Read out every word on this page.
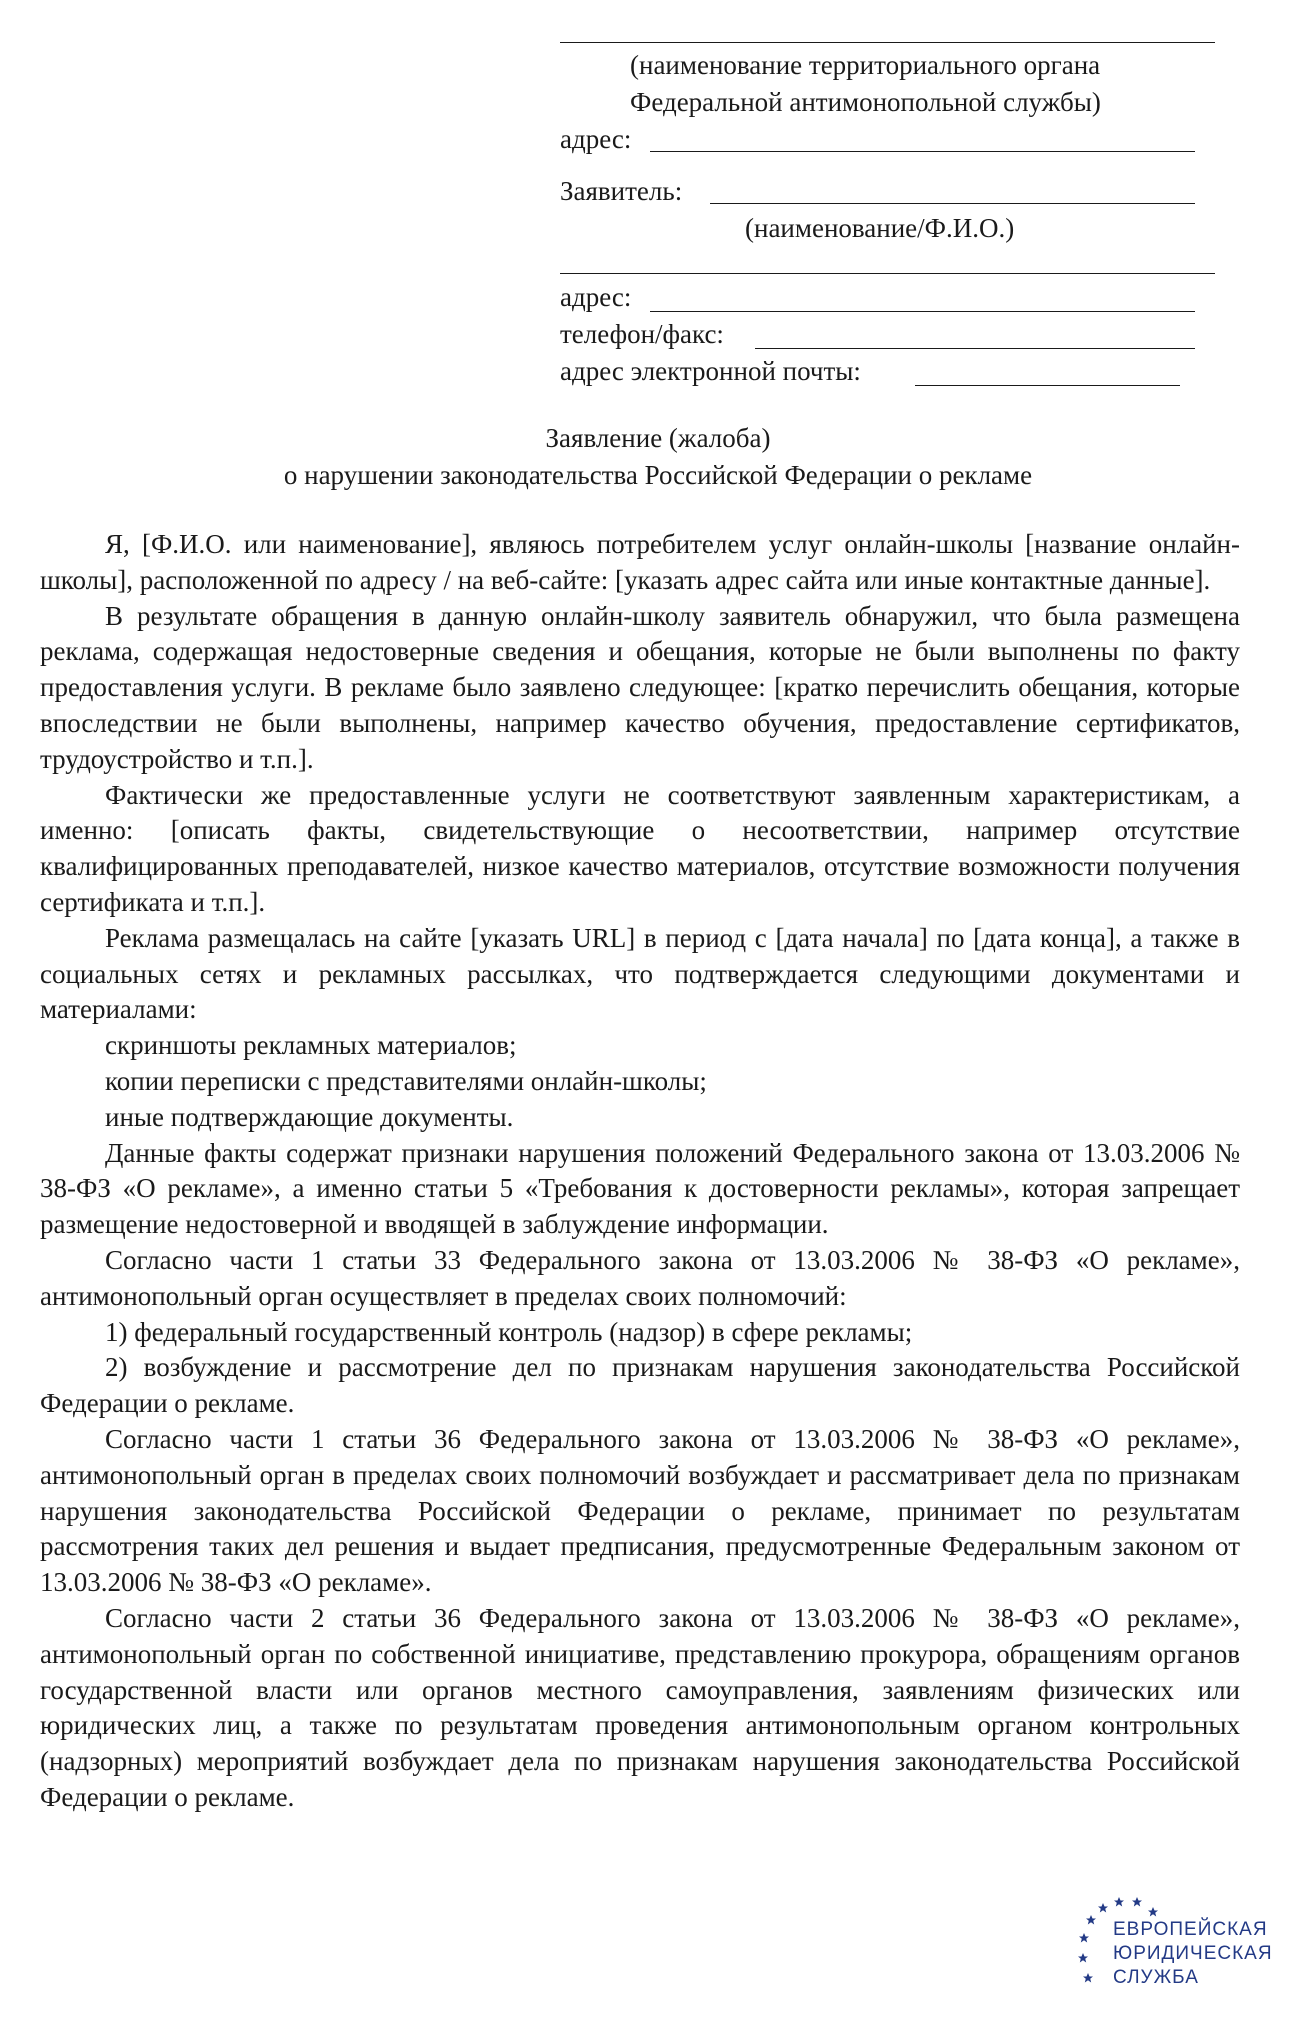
(наименование территориального органа
Федеральной антимонопольной службы)
адрес:
Заявитель:
(наименование/Ф.И.О.)
адрес:
телефон/факс:
адрес электронной почты:
Заявление (жалоба)
о нарушении законодательства Российской Федерации о рекламе

Я, [Ф.И.О. или наименование], являюсь потребителем услуг онлайн-школы [название онлайн-школы], расположенной по адресу / на веб-сайте: [указать адрес сайта или иные контактные данные].

В результате обращения в данную онлайн-школу заявитель обнаружил, что была размещена реклама, содержащая недостоверные сведения и обещания, которые не были выполнены по факту предоставления услуги. В рекламе было заявлено следующее: [кратко перечислить обещания, которые впоследствии не были выполнены, например качество обучения, предоставление сертификатов, трудоустройство и т.п.].

Фактически же предоставленные услуги не соответствуют заявленным характеристикам, а именно: [описать факты, свидетельствующие о несоответствии, например отсутствие квалифицированных преподавателей, низкое качество материалов, отсутствие возможности получения сертификата и т.п.].

Реклама размещалась на сайте [указать URL] в период с [дата начала] по [дата конца], а также в социальных сетях и рекламных рассылках, что подтверждается следующими документами и материалами:

скриншоты рекламных материалов;

копии переписки с представителями онлайн-школы;

иные подтверждающие документы.

Данные факты содержат признаки нарушения положений Федерального закона от 13.03.2006 № 38-ФЗ «О рекламе», а именно статьи 5 «Требования к достоверности рекламы», которая запрещает размещение недостоверной и вводящей в заблуждение информации.

Согласно части 1 статьи 33 Федерального закона от 13.03.2006 № 38-ФЗ «О рекламе», антимонопольный орган осуществляет в пределах своих полномочий:

1) федеральный государственный контроль (надзор) в сфере рекламы;

2) возбуждение и рассмотрение дел по признакам нарушения законодательства Российской Федерации о рекламе.

Согласно части 1 статьи 36 Федерального закона от 13.03.2006 № 38-ФЗ «О рекламе», антимонопольный орган в пределах своих полномочий возбуждает и рассматривает дела по признакам нарушения законодательства Российской Федерации о рекламе, принимает по результатам рассмотрения таких дел решения и выдает предписания, предусмотренные Федеральным законом от 13.03.2006 № 38-ФЗ «О рекламе».

Согласно части 2 статьи 36 Федерального закона от 13.03.2006 № 38-ФЗ «О рекламе», антимонопольный орган по собственной инициативе, представлению прокурора, обращениям органов государственной власти или органов местного самоуправления, заявлениям физических или юридических лиц, а также по результатам проведения антимонопольным органом контрольных (надзорных) мероприятий возбуждает дела по признакам нарушения законодательства Российской Федерации о рекламе.

ЕВРОПЕЙСКАЯ
ЮРИДИЧЕСКАЯ
СЛУЖБА
